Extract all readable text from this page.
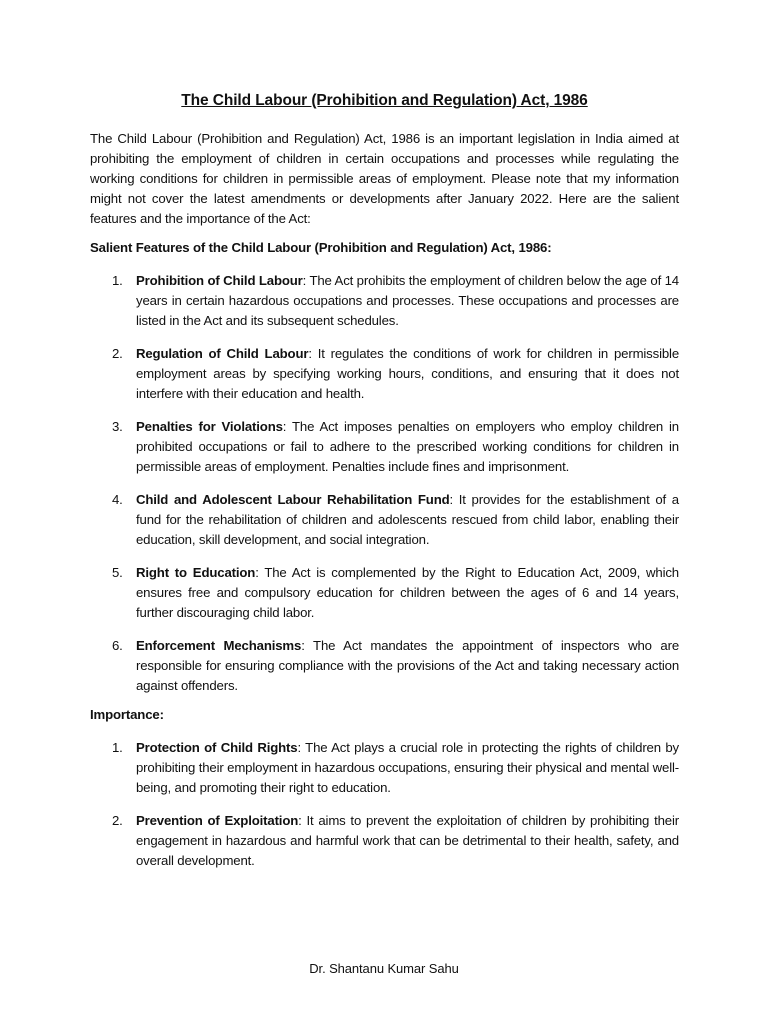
The Child Labour (Prohibition and Regulation) Act, 1986

The Child Labour (Prohibition and Regulation) Act, 1986 is an important legislation in India aimed at prohibiting the employment of children in certain occupations and processes while regulating the working conditions for children in permissible areas of employment. Please note that my information might not cover the latest amendments or developments after January 2022. Here are the salient features and the importance of the Act:

Salient Features of the Child Labour (Prohibition and Regulation) Act, 1986:

1. Prohibition of Child Labour: The Act prohibits the employment of children below the age of 14 years in certain hazardous occupations and processes. These occupations and processes are listed in the Act and its subsequent schedules.
2. Regulation of Child Labour: It regulates the conditions of work for children in permissible employment areas by specifying working hours, conditions, and ensuring that it does not interfere with their education and health.
3. Penalties for Violations: The Act imposes penalties on employers who employ children in prohibited occupations or fail to adhere to the prescribed working conditions for children in permissible areas of employment. Penalties include fines and imprisonment.
4. Child and Adolescent Labour Rehabilitation Fund: It provides for the establishment of a fund for the rehabilitation of children and adolescents rescued from child labor, enabling their education, skill development, and social integration.
5. Right to Education: The Act is complemented by the Right to Education Act, 2009, which ensures free and compulsory education for children between the ages of 6 and 14 years, further discouraging child labor.
6. Enforcement Mechanisms: The Act mandates the appointment of inspectors who are responsible for ensuring compliance with the provisions of the Act and taking necessary action against offenders.

Importance:

1. Protection of Child Rights: The Act plays a crucial role in protecting the rights of children by prohibiting their employment in hazardous occupations, ensuring their physical and mental well-being, and promoting their right to education.
2. Prevention of Exploitation: It aims to prevent the exploitation of children by prohibiting their engagement in hazardous and harmful work that can be detrimental to their health, safety, and overall development.
Dr. Shantanu Kumar Sahu
